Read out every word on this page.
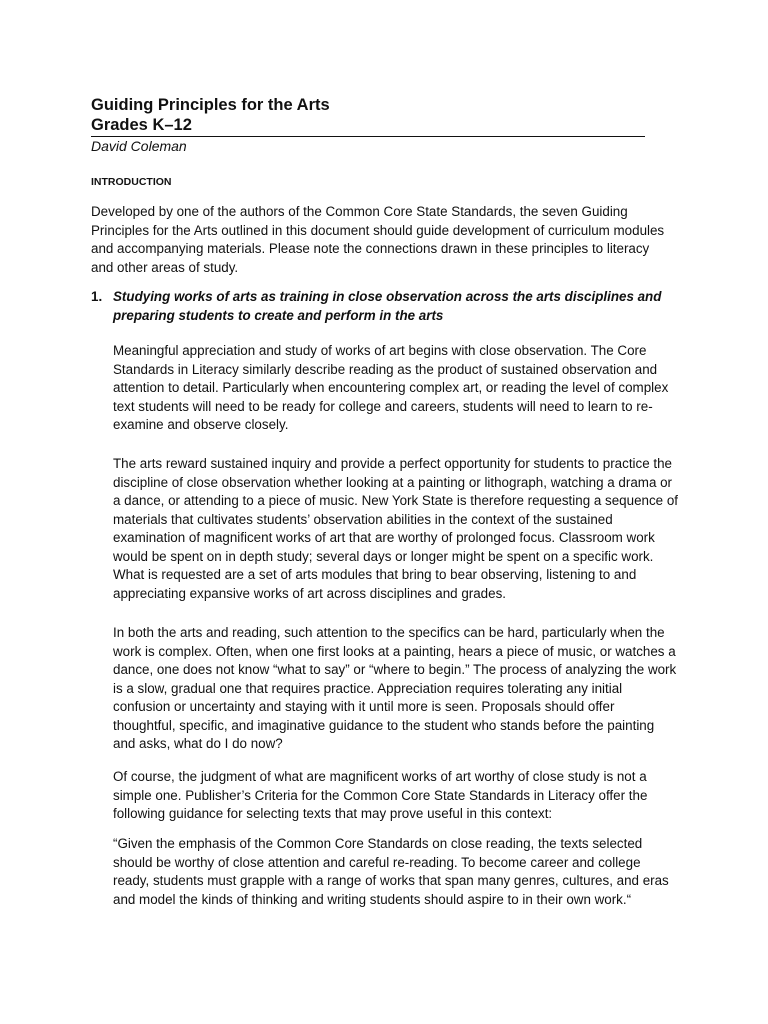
Guiding Principles for the Arts
Grades K–12
David Coleman
INTRODUCTION
Developed by one of the authors of the Common Core State Standards, the seven Guiding Principles for the Arts outlined in this document should guide development of curriculum modules and accompanying materials. Please note the connections drawn in these principles to literacy and other areas of study.
1. Studying works of arts as training in close observation across the arts disciplines and preparing students to create and perform in the arts
Meaningful appreciation and study of works of art begins with close observation. The Core Standards in Literacy similarly describe reading as the product of sustained observation and attention to detail. Particularly when encountering complex art, or reading the level of complex text students will need to be ready for college and careers, students will need to learn to re-examine and observe closely.
The arts reward sustained inquiry and provide a perfect opportunity for students to practice the discipline of close observation whether looking at a painting or lithograph, watching a drama or a dance, or attending to a piece of music. New York State is therefore requesting a sequence of materials that cultivates students’ observation abilities in the context of the sustained examination of magnificent works of art that are worthy of prolonged focus. Classroom work would be spent on in depth study; several days or longer might be spent on a specific work. What is requested are a set of arts modules that bring to bear observing, listening to and appreciating expansive works of art across disciplines and grades.
In both the arts and reading, such attention to the specifics can be hard, particularly when the work is complex. Often, when one first looks at a painting, hears a piece of music, or watches a dance, one does not know “what to say” or “where to begin.” The process of analyzing the work is a slow, gradual one that requires practice. Appreciation requires tolerating any initial confusion or uncertainty and staying with it until more is seen. Proposals should offer thoughtful, specific, and imaginative guidance to the student who stands before the painting and asks, what do I do now?
Of course, the judgment of what are magnificent works of art worthy of close study is not a simple one. Publisher’s Criteria for the Common Core State Standards in Literacy offer the following guidance for selecting texts that may prove useful in this context:
“Given the emphasis of the Common Core Standards on close reading, the texts selected should be worthy of close attention and careful re-reading. To become career and college ready, students must grapple with a range of works that span many genres, cultures, and eras and model the kinds of thinking and writing students should aspire to in their own work.“
